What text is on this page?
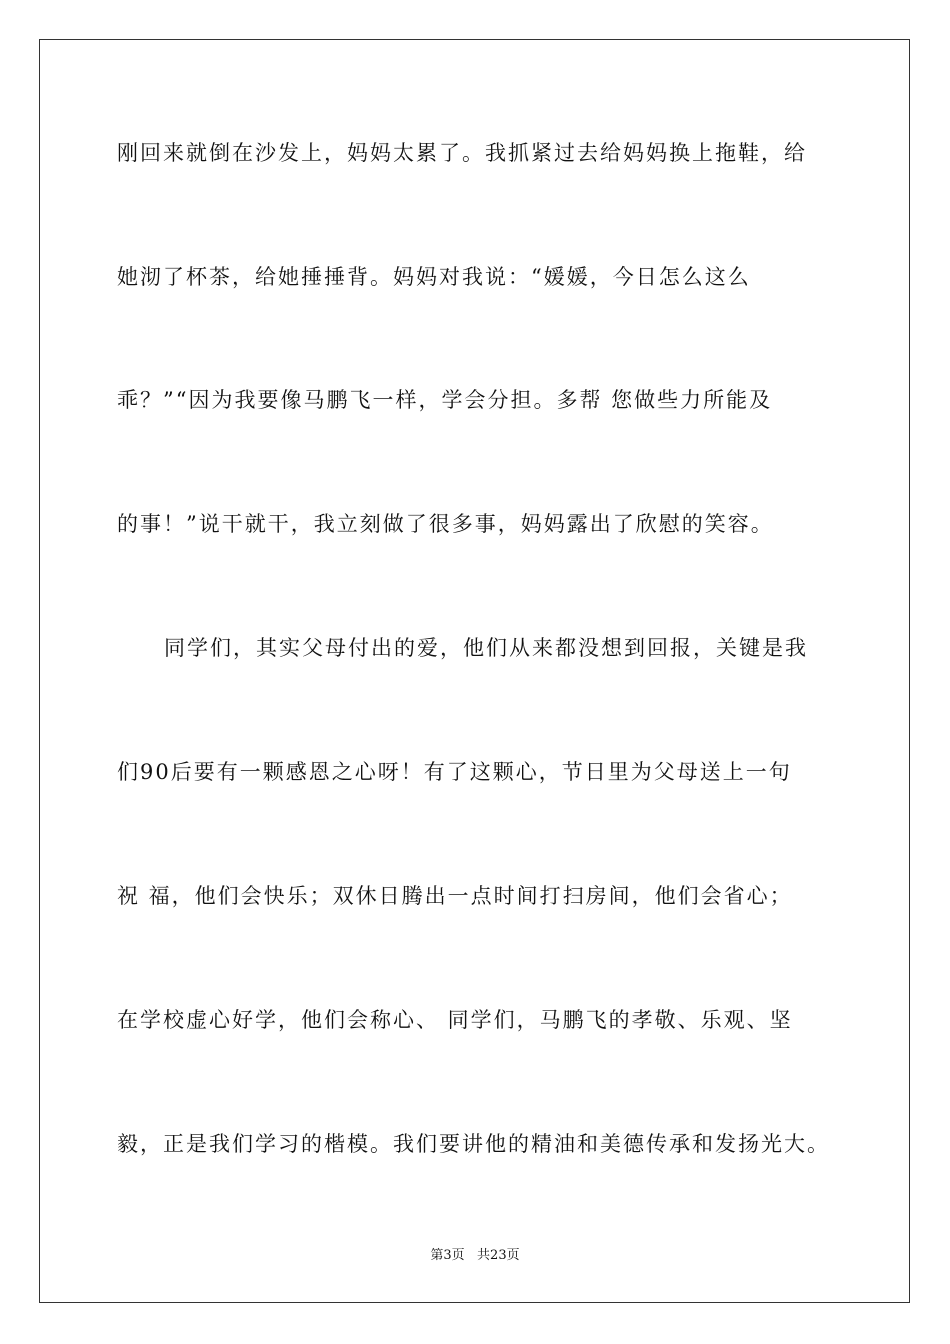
刚回来就倒在沙发上，妈妈太累了。我抓紧过去给妈妈换上拖鞋，给
她沏了杯茶，给她捶捶背。妈妈对我说：“媛媛，今日怎么这么
乖？”“因为我要像马鹏飞一样，学会分担。多帮 您做些力所能及
的事！”说干就干，我立刻做了很多事，妈妈露出了欣慰的笑容。
同学们，其实父母付出的爱，他们从来都没想到回报，关键是我
们90后要有一颗感恩之心呀！有了这颗心，节日里为父母送上一句
祝 福，他们会快乐；双休日腾出一点时间打扫房间，他们会省心；
在学校虚心好学，他们会称心、 同学们，马鹏飞的孝敬、乐观、坚
毅，正是我们学习的楷模。我们要讲他的精油和美德传承和发扬光大。
第3页   共23页
